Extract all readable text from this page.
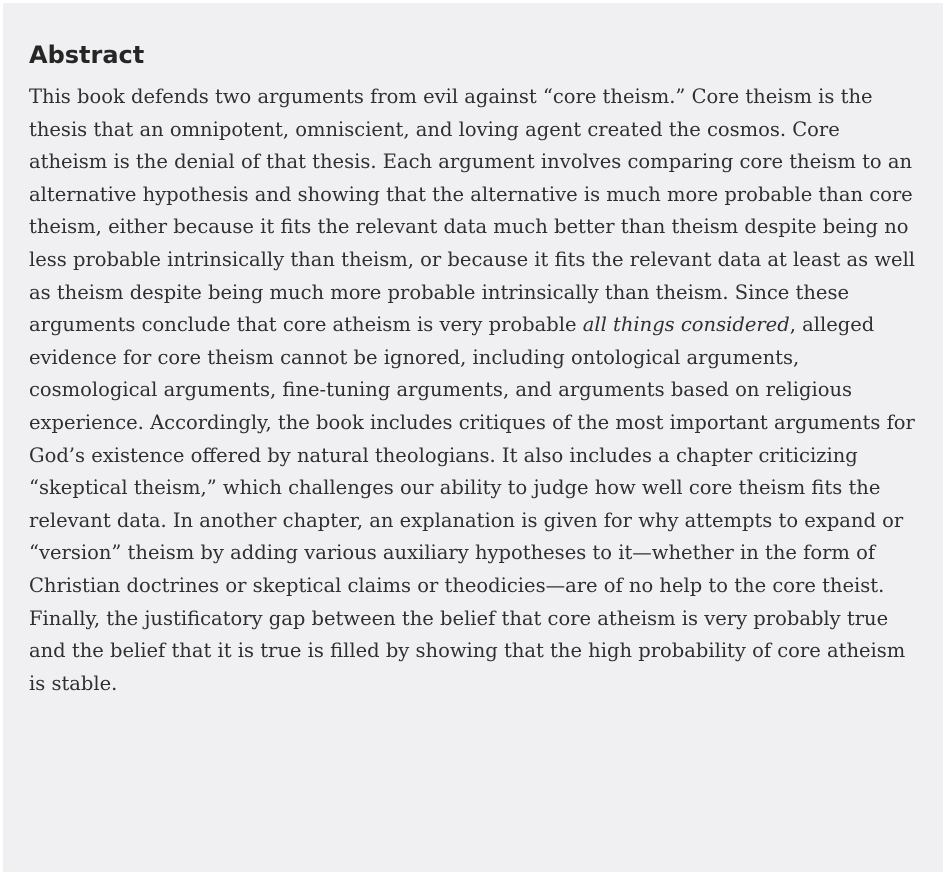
Abstract

This book defends two arguments from evil against “core theism.” Core theism is the thesis that an omnipotent, omniscient, and loving agent created the cosmos. Core atheism is the denial of that thesis. Each argument involves comparing core theism to an alternative hypothesis and showing that the alternative is much more probable than core theism, either because it fits the relevant data much better than theism despite being no less probable intrinsically than theism, or because it fits the relevant data at least as well as theism despite being much more probable intrinsically than theism. Since these arguments conclude that core atheism is very probable all things considered, alleged evidence for core theism cannot be ignored, including ontological arguments, cosmological arguments, fine-tuning arguments, and arguments based on religious experience. Accordingly, the book includes critiques of the most important arguments for God’s existence offered by natural theologians. It also includes a chapter criticizing “skeptical theism,” which challenges our ability to judge how well core theism fits the relevant data. In another chapter, an explanation is given for why attempts to expand or “version” theism by adding various auxiliary hypotheses to it—whether in the form of Christian doctrines or skeptical claims or theodicies—are of no help to the core theist. Finally, the justificatory gap between the belief that core atheism is very probably true and the belief that it is true is filled by showing that the high probability of core atheism is stable.
